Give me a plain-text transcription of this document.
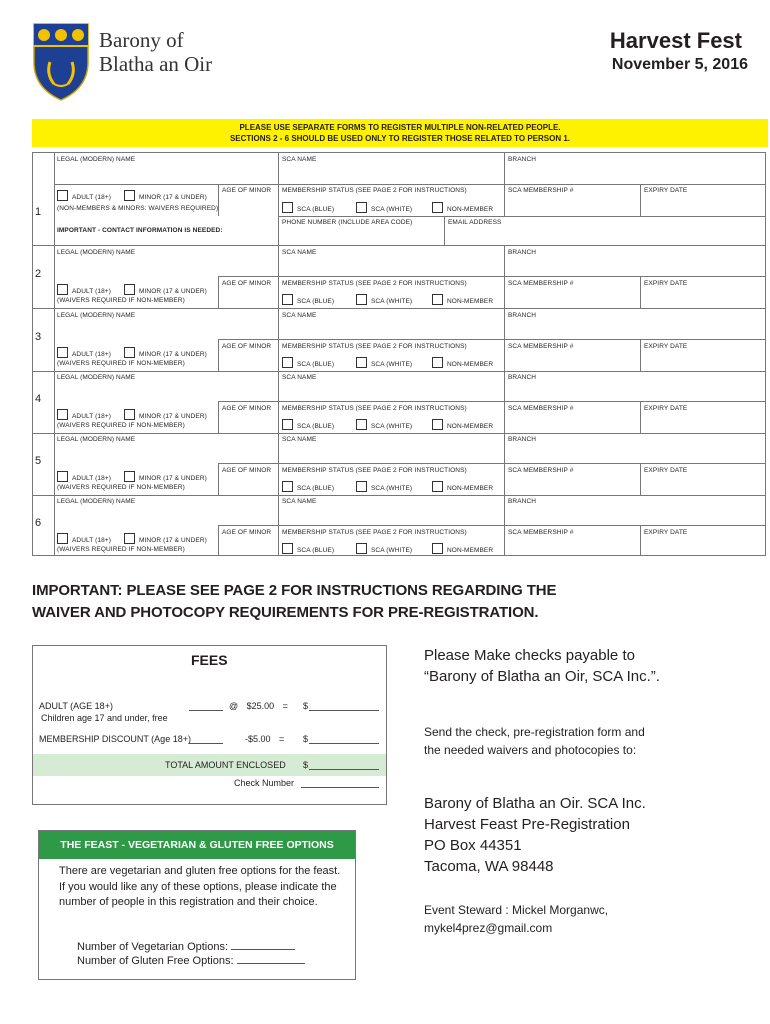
Barony of
Blatha an Oir
Harvest Fest
November 5, 2016
PLEASE USE SEPARATE FORMS TO REGISTER MULTIPLE NON-RELATED PEOPLE.
SECTIONS 2 - 6 SHOULD BE USED ONLY TO REGISTER THOSE RELATED TO PERSON 1.
1
LEGAL (MODERN) NAME	SCA NAME	BRANCH
ADULT (18+)	MINOR (17 & UNDER)
(NON-MEMBERS & MINORS: WAIVERS REQUIRED)
AGE OF MINOR MEMBERSHIP STATUS (SEE PAGE 2 FOR INSTRUCTIONS)
SCA (BLUE)	SCA (WHITE)	NON-MEMBER
SCA MEMBERSHIP #	EXPIRY DATE
PHONE NUMBER (INCLUDE AREA CODE)	EMAIL ADDRESS
IMPORTANT - CONTACT INFORMATION IS NEEDED:
2
LEGAL (MODERN) NAME	SCA NAME	BRANCH
ADULT (18+)	MINOR (17 & UNDER)
(WAIVERS REQUIRED IF NON-MEMBER)
AGE OF MINOR MEMBERSHIP STATUS (SEE PAGE 2 FOR INSTRUCTIONS)
SCA (BLUE)	SCA (WHITE)	NON-MEMBER
SCA MEMBERSHIP #	EXPIRY DATE
3
LEGAL (MODERN) NAME	SCA NAME	BRANCH
ADULT (18+)	MINOR (17 & UNDER)
(WAIVERS REQUIRED IF NON-MEMBER)
AGE OF MINOR MEMBERSHIP STATUS (SEE PAGE 2 FOR INSTRUCTIONS)
SCA (BLUE)	SCA (WHITE)	NON-MEMBER
SCA MEMBERSHIP #	EXPIRY DATE
4
LEGAL (MODERN) NAME	SCA NAME	BRANCH
ADULT (18+)	MINOR (17 & UNDER)
(WAIVERS REQUIRED IF NON-MEMBER)
AGE OF MINOR MEMBERSHIP STATUS (SEE PAGE 2 FOR INSTRUCTIONS)
SCA (BLUE)	SCA (WHITE)	NON-MEMBER
SCA MEMBERSHIP #	EXPIRY DATE
5
LEGAL (MODERN) NAME	SCA NAME	BRANCH
ADULT (18+)	MINOR (17 & UNDER)
(WAIVERS REQUIRED IF NON-MEMBER)
AGE OF MINOR MEMBERSHIP STATUS (SEE PAGE 2 FOR INSTRUCTIONS)
SCA (BLUE)	SCA (WHITE)	NON-MEMBER
SCA MEMBERSHIP #	EXPIRY DATE
6
LEGAL (MODERN) NAME	SCA NAME	BRANCH
ADULT (18+)	MINOR (17 & UNDER)
(WAIVERS REQUIRED IF NON-MEMBER)
AGE OF MINOR MEMBERSHIP STATUS (SEE PAGE 2 FOR INSTRUCTIONS)
SCA (BLUE)	SCA (WHITE)	NON-MEMBER
SCA MEMBERSHIP #	EXPIRY DATE
IMPORTANT: PLEASE SEE PAGE 2 FOR INSTRUCTIONS REGARDING THE
WAIVER AND PHOTOCOPY REQUIREMENTS FOR PRE-REGISTRATION.
FEES
ADULT (AGE 18+)	@ $25.00 = $
Children age 17 and under, free
MEMBERSHIP DISCOUNT (Age 18+)	-$5.00 = $
TOTAL AMOUNT ENCLOSED $
Check Number
THE FEAST - VEGETARIAN & GLUTEN FREE OPTIONS
There are vegetarian and gluten free options for the feast. If you would like any of these options, please indicate the number of people in this registration and their choice.
Number of Vegetarian Options:
Number of Gluten Free Options:
Please Make checks payable to
“Barony of Blatha an Oir, SCA Inc.”.
Send the check, pre-registration form and
the needed waivers and photocopies to:
Barony of Blatha an Oir. SCA Inc.
Harvest Feast Pre-Registration
PO Box 44351
Tacoma, WA 98448
Event Steward : Mickel Morganwc,
mykel4prez@gmail.com
